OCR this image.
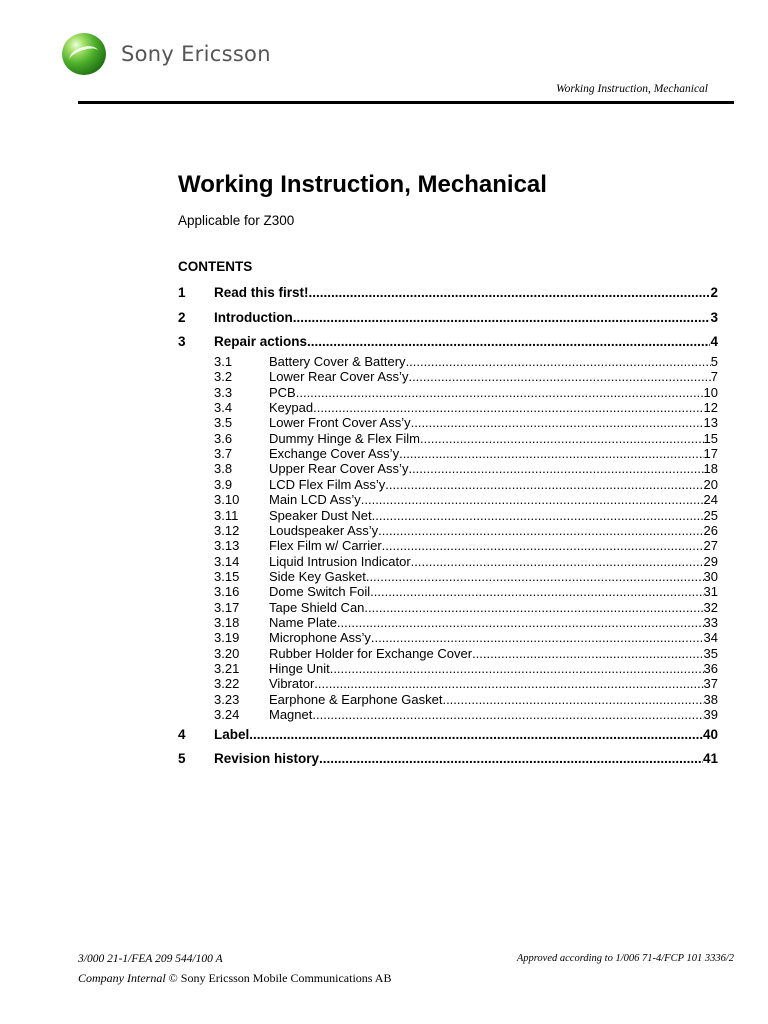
Sony Ericsson
Working Instruction, Mechanical
Working Instruction, Mechanical
Applicable for Z300
CONTENTS
1	Read this first! .....	2
2	Introduction .....	3
3	Repair actions .....	4
3.1	Battery Cover & Battery .....	5
3.2	Lower Rear Cover Ass’y .....	7
3.3	PCB .....	10
3.4	Keypad .....	12
3.5	Lower Front Cover Ass’y .....	13
3.6	Dummy Hinge & Flex Film .....	15
3.7	Exchange Cover Ass’y .....	17
3.8	Upper Rear Cover Ass’y .....	18
3.9	LCD Flex Film Ass’y .....	20
3.10	Main LCD Ass’y .....	24
3.11	Speaker Dust Net .....	25
3.12	Loudspeaker Ass’y .....	26
3.13	Flex Film w/ Carrier .....	27
3.14	Liquid Intrusion Indicator .....	29
3.15	Side Key Gasket .....	30
3.16	Dome Switch Foil .....	31
3.17	Tape Shield Can .....	32
3.18	Name Plate .....	33
3.19	Microphone Ass’y .....	34
3.20	Rubber Holder for Exchange Cover .....	35
3.21	Hinge Unit .....	36
3.22	Vibrator .....	37
3.23	Earphone & Earphone Gasket .....	38
3.24	Magnet .....	39
4	Label .....	40
5	Revision history .....	41
3/000 21-1/FEA 209 544/100 A	Approved according to 1/006 71-4/FCP 101 3336/2
Company Internal © Sony Ericsson Mobile Communications AB
